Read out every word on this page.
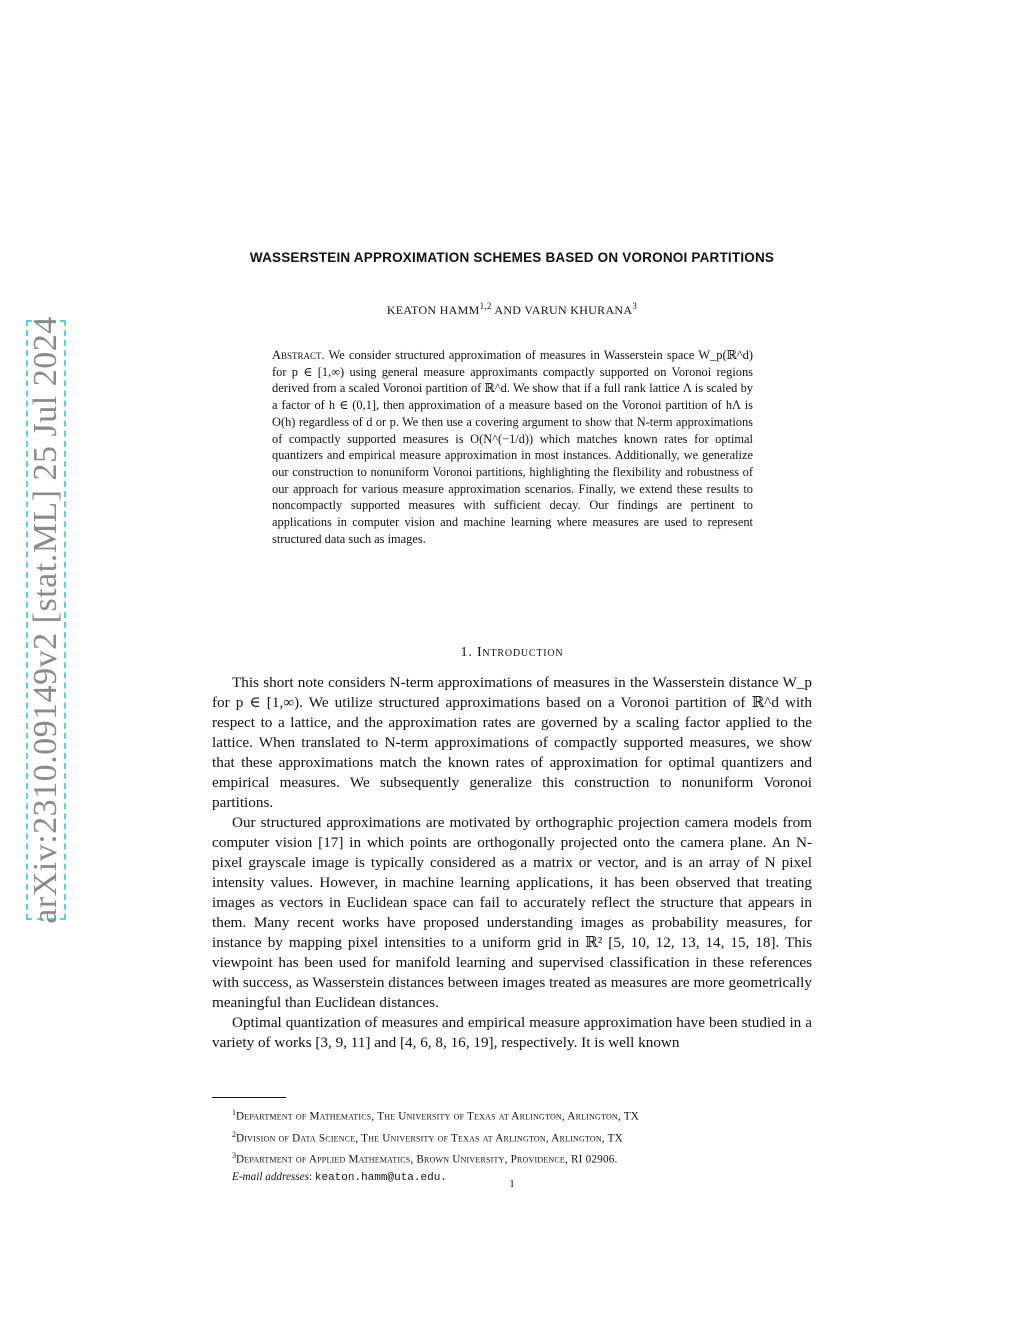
arXiv:2310.09149v2 [stat.ML] 25 Jul 2024
WASSERSTEIN APPROXIMATION SCHEMES BASED ON VORONOI PARTITIONS
KEATON HAMM$^{1,2}$ AND VARUN KHURANA$^3$
Abstract. We consider structured approximation of measures in Wasserstein space W_p(ℝ^d) for p ∈ [1,∞) using general measure approximants compactly supported on Voronoi regions derived from a scaled Voronoi partition of ℝ^d. We show that if a full rank lattice Λ is scaled by a factor of h ∈ (0,1], then approximation of a measure based on the Voronoi partition of hΛ is O(h) regardless of d or p. We then use a covering argument to show that N-term approximations of compactly supported measures is O(N^(−1/d)) which matches known rates for optimal quantizers and empirical measure approximation in most instances. Additionally, we generalize our construction to nonuniform Voronoi partitions, highlighting the flexibility and robustness of our approach for various measure approximation scenarios. Finally, we extend these results to noncompactly supported measures with sufficient decay. Our findings are pertinent to applications in computer vision and machine learning where measures are used to represent structured data such as images.
1. Introduction

This short note considers N-term approximations of measures in the Wasserstein distance W_p for p ∈ [1,∞). We utilize structured approximations based on a Voronoi partition of ℝ^d with respect to a lattice, and the approximation rates are governed by a scaling factor applied to the lattice. When translated to N-term approximations of compactly supported measures, we show that these approximations match the known rates of approximation for optimal quantizers and empirical measures. We subsequently generalize this construction to nonuniform Voronoi partitions.

Our structured approximations are motivated by orthographic projection camera models from computer vision [17] in which points are orthogonally projected onto the camera plane. An N-pixel grayscale image is typically considered as a matrix or vector, and is an array of N pixel intensity values. However, in machine learning applications, it has been observed that treating images as vectors in Euclidean space can fail to accurately reflect the structure that appears in them. Many recent works have proposed understanding images as probability measures, for instance by mapping pixel intensities to a uniform grid in ℝ² [5, 10, 12, 13, 14, 15, 18]. This viewpoint has been used for manifold learning and supervised classification in these references with success, as Wasserstein distances between images treated as measures are more geometrically meaningful than Euclidean distances.

Optimal quantization of measures and empirical measure approximation have been studied in a variety of works [3, 9, 11] and [4, 6, 8, 16, 19], respectively. It is well known

$^1$Department of Mathematics, The University of Texas at Arlington, Arlington, TX
$^2$Division of Data Science, The University of Texas at Arlington, Arlington, TX
$^3$Department of Applied Mathematics, Brown University, Providence, RI 02906.
E-mail addresses: keaton.hamm@uta.edu.	1
